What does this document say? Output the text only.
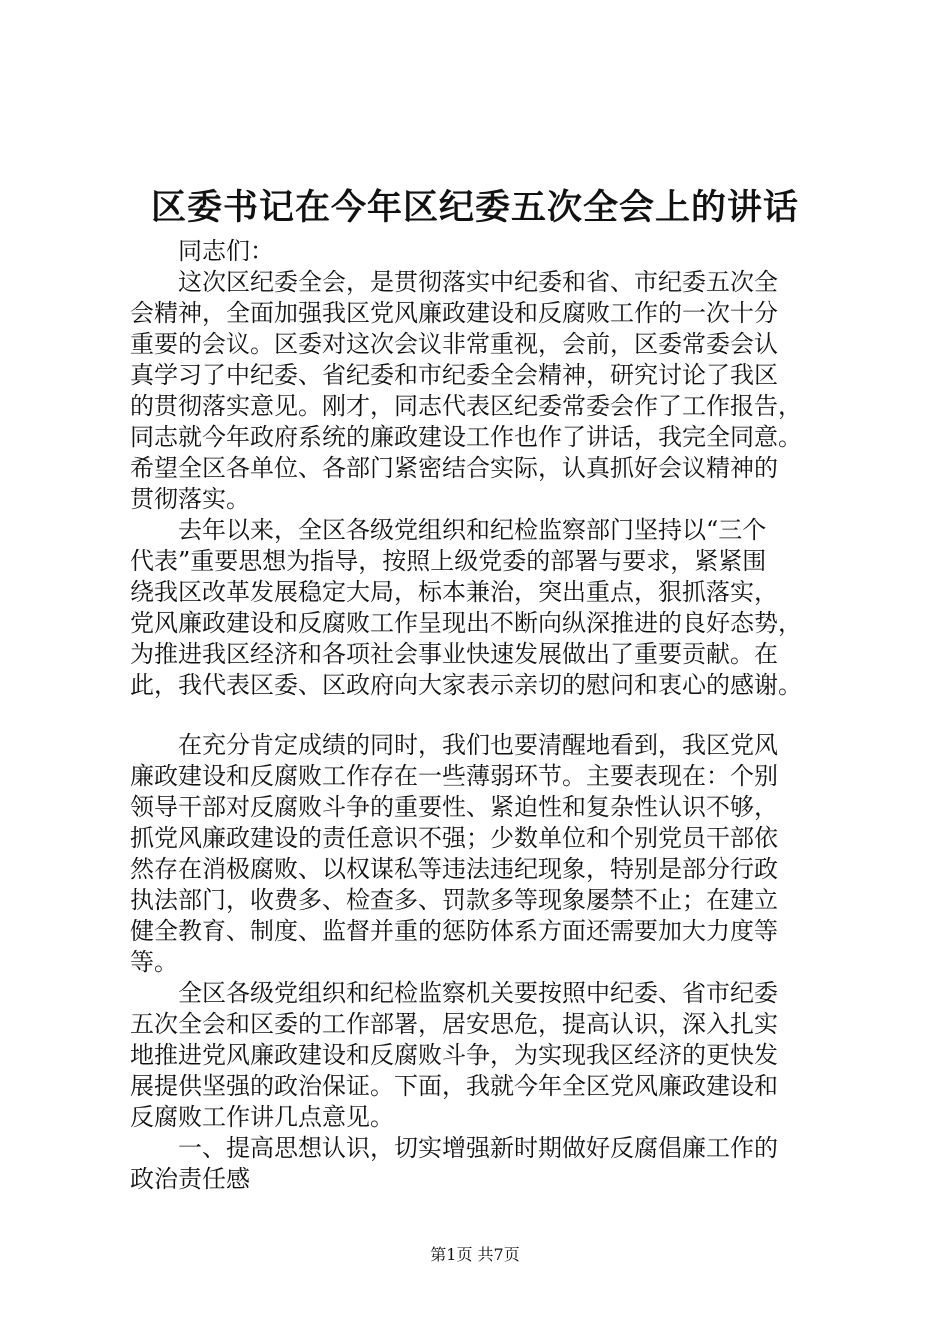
区委书记在今年区纪委五次全会上的讲话
　　同志们：
　　这次区纪委全会，是贯彻落实中纪委和省、市纪委五次全
会精神，全面加强我区党风廉政建设和反腐败工作的一次十分
重要的会议。区委对这次会议非常重视，会前，区委常委会认
真学习了中纪委、省纪委和市纪委全会精神，研究讨论了我区
的贯彻落实意见。刚才，同志代表区纪委常委会作了工作报告，
同志就今年政府系统的廉政建设工作也作了讲话，我完全同意。
希望全区各单位、各部门紧密结合实际，认真抓好会议精神的
贯彻落实。
　　去年以来，全区各级党组织和纪检监察部门坚持以“三个
代表”重要思想为指导，按照上级党委的部署与要求，紧紧围
绕我区改革发展稳定大局，标本兼治，突出重点，狠抓落实，
党风廉政建设和反腐败工作呈现出不断向纵深推进的良好态势，
为推进我区经济和各项社会事业快速发展做出了重要贡献。在
此，我代表区委、区政府向大家表示亲切的慰问和衷心的感谢。
　　在充分肯定成绩的同时，我们也要清醒地看到，我区党风
廉政建设和反腐败工作存在一些薄弱环节。主要表现在：个别
领导干部对反腐败斗争的重要性、紧迫性和复杂性认识不够，
抓党风廉政建设的责任意识不强；少数单位和个别党员干部依
然存在消极腐败、以权谋私等违法违纪现象，特别是部分行政
执法部门，收费多、检查多、罚款多等现象屡禁不止；在建立
健全教育、制度、监督并重的惩防体系方面还需要加大力度等
等。
　　全区各级党组织和纪检监察机关要按照中纪委、省市纪委
五次全会和区委的工作部署，居安思危，提高认识，深入扎实
地推进党风廉政建设和反腐败斗争，为实现我区经济的更快发
展提供坚强的政治保证。下面，我就今年全区党风廉政建设和
反腐败工作讲几点意见。
　　一、提高思想认识，切实增强新时期做好反腐倡廉工作的
政治责任感
第1页 共7页
